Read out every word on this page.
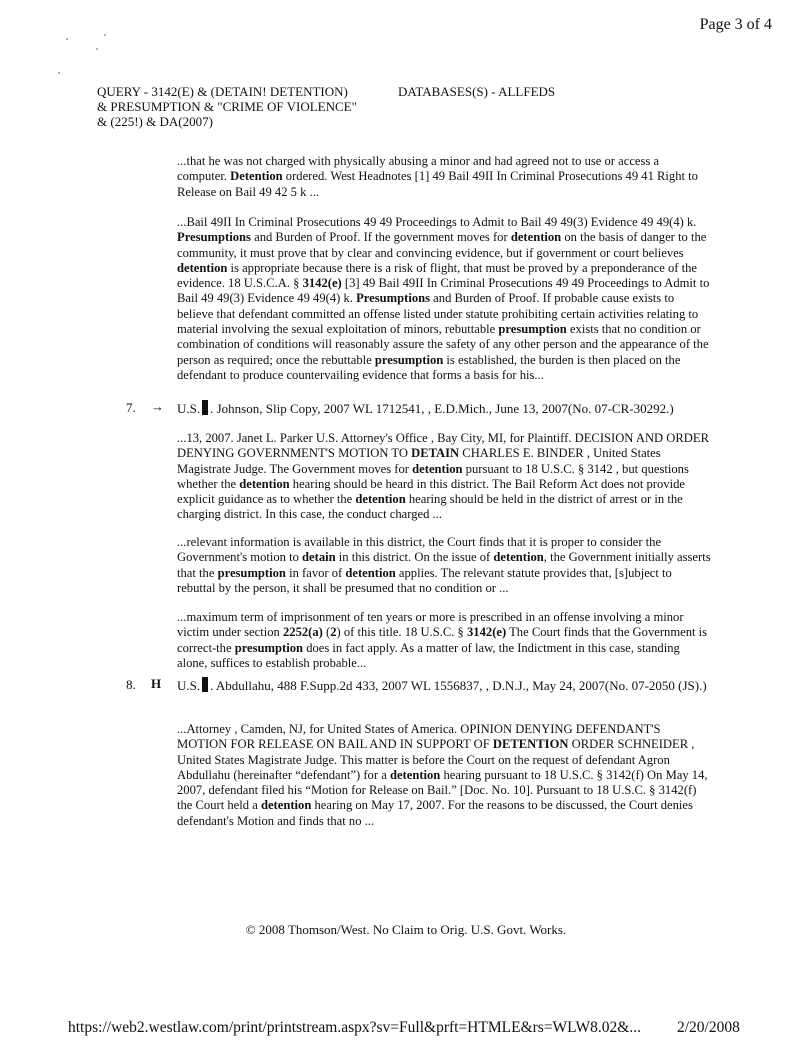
Page 3 of 4
QUERY - 3142(E) & (DETAIN! DETENTION)
& PRESUMPTION & "CRIME OF VIOLENCE"
& (225!) & DA(2007)
DATABASES(S) - ALLFEDS

...that he was not charged with physically abusing a minor and had agreed not to use or access a computer. Detention ordered. West Headnotes [1] 49 Bail 49II In Criminal Prosecutions 49 41 Right to Release on Bail 49 42 5 k ...

...Bail 49II In Criminal Prosecutions 49 49 Proceedings to Admit to Bail 49 49(3) Evidence 49 49(4) k. Presumptions and Burden of Proof. If the government moves for detention on the basis of danger to the community, it must prove that by clear and convincing evidence, but if government or court believes detention is appropriate because there is a risk of flight, that must be proved by a preponderance of the evidence. 18 U.S.C.A. § 3142(e) [3] 49 Bail 49II In Criminal Prosecutions 49 49 Proceedings to Admit to Bail 49 49(3) Evidence 49 49(4) k. Presumptions and Burden of Proof. If probable cause exists to believe that defendant committed an offense listed under statute prohibiting certain activities relating to material involving the sexual exploitation of minors, rebuttable presumption exists that no condition or combination of conditions will reasonably assure the safety of any other person and the appearance of the person as required; once the rebuttable presumption is established, the burden is then placed on the defendant to produce countervailing evidence that forms a basis for his...

7. → U.S. . Johnson, Slip Copy, 2007 WL 1712541, , E.D.Mich., June 13, 2007(No. 07-CR-30292.)

...13, 2007. Janet L. Parker U.S. Attorney's Office , Bay City, MI, for Plaintiff. DECISION AND ORDER DENYING GOVERNMENT'S MOTION TO DETAIN CHARLES E. BINDER , United States Magistrate Judge. The Government moves for detention pursuant to 18 U.S.C. § 3142 , but questions whether the detention hearing should be heard in this district. The Bail Reform Act does not provide explicit guidance as to whether the detention hearing should be held in the district of arrest or in the charging district. In this case, the conduct charged ...

...relevant information is available in this district, the Court finds that it is proper to consider the Government's motion to detain in this district. On the issue of detention, the Government initially asserts that the presumption in favor of detention applies. The relevant statute provides that, [s]ubject to rebuttal by the person, it shall be presumed that no condition or ...

...maximum term of imprisonment of ten years or more is prescribed in an offense involving a minor victim under section 2252(a) (2) of this title. 18 U.S.C. § 3142(e) The Court finds that the Government is correct-the presumption does in fact apply. As a matter of law, the Indictment in this case, standing alone, suffices to establish probable...

8. H U.S. . Abdullahu, 488 F.Supp.2d 433, 2007 WL 1556837, , D.N.J., May 24, 2007(No. 07-2050 (JS).)

...Attorney , Camden, NJ, for United States of America. OPINION DENYING DEFENDANT'S MOTION FOR RELEASE ON BAIL AND IN SUPPORT OF DETENTION ORDER SCHNEIDER , United States Magistrate Judge. This matter is before the Court on the request of defendant Agron Abdullahu (hereinafter “defendant”) for a detention hearing pursuant to 18 U.S.C. § 3142(f) On May 14, 2007, defendant filed his “Motion for Release on Bail.” [Doc. No. 10]. Pursuant to 18 U.S.C. § 3142(f) the Court held a detention hearing on May 17, 2007. For the reasons to be discussed, the Court denies defendant's Motion and finds that no ...

© 2008 Thomson/West. No Claim to Orig. U.S. Govt. Works.
https://web2.westlaw.com/print/printstream.aspx?sv=Full&prft=HTMLE&rs=WLW8.02&... 2/20/2008
